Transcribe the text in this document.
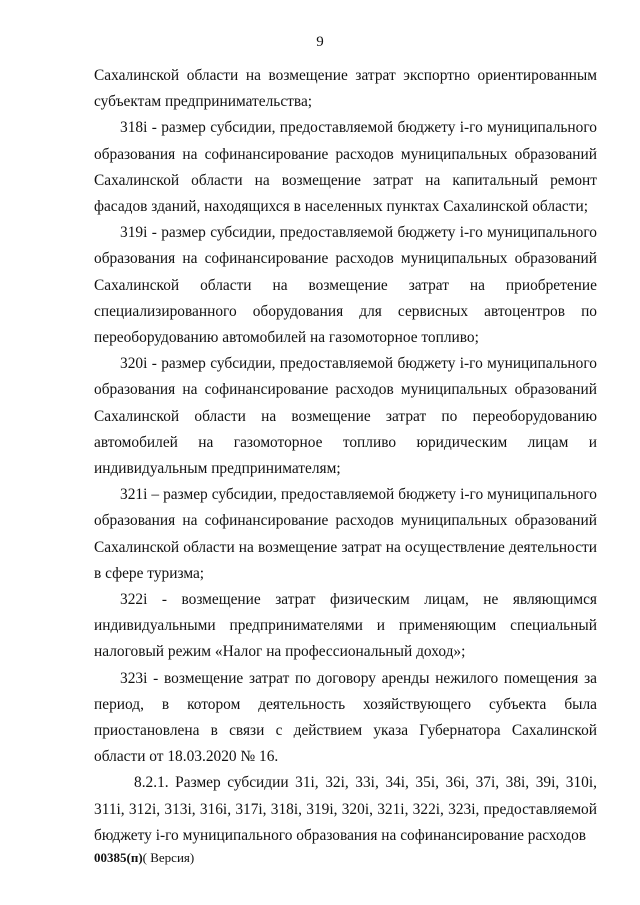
9

Сахалинской области на возмещение затрат экспортно ориентированным субъектам предпринимательства;

318i - размер субсидии, предоставляемой бюджету i-го муниципального образования на софинансирование расходов муниципальных образований Сахалинской области на возмещение затрат на капитальный ремонт фасадов зданий, находящихся в населенных пунктах Сахалинской области;

319i - размер субсидии, предоставляемой бюджету i-го муниципального образования на софинансирование расходов муниципальных образований Сахалинской области на возмещение затрат на приобретение специализированного оборудования для сервисных автоцентров по переоборудованию автомобилей на газомоторное топливо;

320i - размер субсидии, предоставляемой бюджету i-го муниципального образования на софинансирование расходов муниципальных образований Сахалинской области на возмещение затрат по переоборудованию автомобилей на газомоторное топливо юридическим лицам и индивидуальным предпринимателям;

321i – размер субсидии, предоставляемой бюджету i-го муниципального образования на софинансирование расходов муниципальных образований Сахалинской области на возмещение затрат на осуществление деятельности в сфере туризма;

322i - возмещение затрат физическим лицам, не являющимся индивидуальными предпринимателями и применяющим специальный налоговый режим «Налог на профессиональный доход»;

323i - возмещение затрат по договору аренды нежилого помещения за период, в котором деятельность хозяйствующего субъекта была приостановлена в связи с действием указа Губернатора Сахалинской области от 18.03.2020 № 16.

8.2.1. Размер субсидии 31i, 32i, 33i, 34i, 35i, 36i, 37i, 38i, 39i, 310i, 311i, 312i, 313i, 316i, 317i, 318i, 319i, 320i, 321i, 322i, 323i, предоставляемой бюджету i-го муниципального образования на софинансирование расходов

00385(п)( Версия)
